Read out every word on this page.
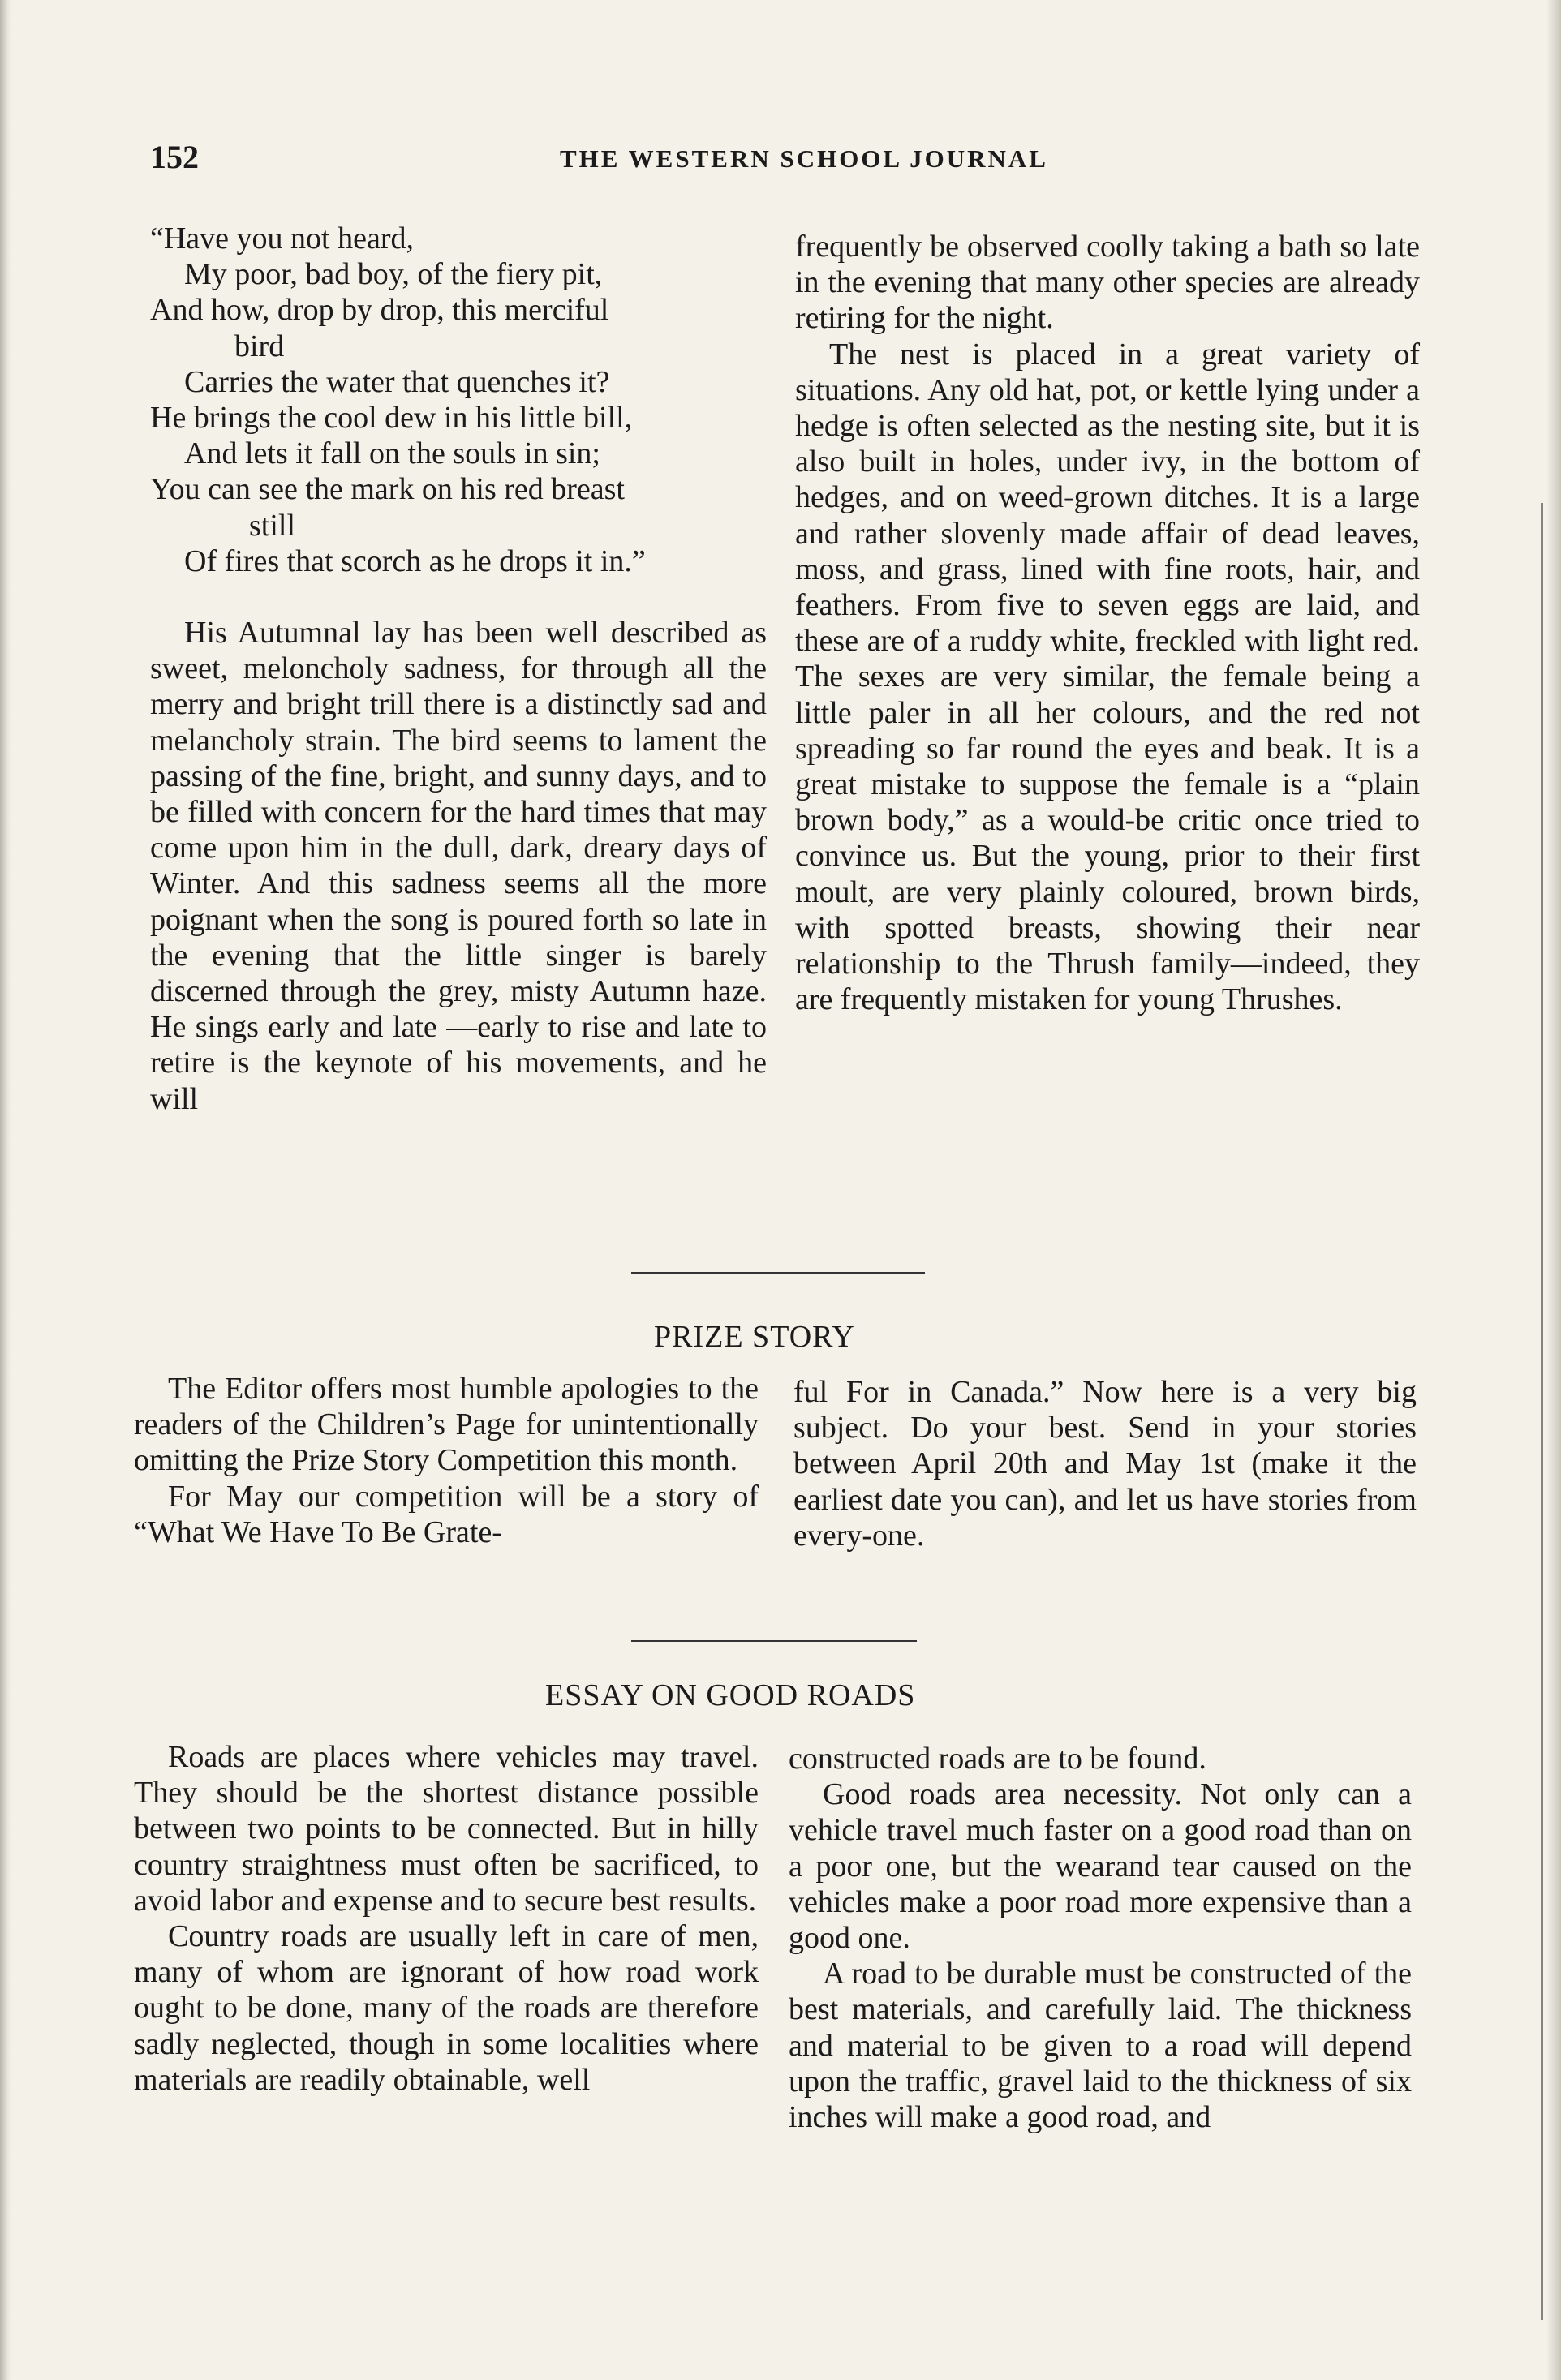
152	THE WESTERN SCHOOL JOURNAL
“Have you not heard,
My poor, bad boy, of the fiery pit,
And how, drop by drop, this merciful
bird
Carries the water that quenches it?
He brings the cool dew in his little bill,
And lets it fall on the souls in sin;
You can see the mark on his red breast
still
Of fires that scorch as he drops it in.”

His Autumnal lay has been well described as sweet, meloncholy sadness, for through all the merry and bright trill there is a distinctly sad and melancholy strain. The bird seems to lament the passing of the fine, bright, and sunny days, and to be filled with concern for the hard times that may come upon him in the dull, dark, dreary days of Winter. And this sadness seems all the more poignant when the song is poured forth so late in the evening that the little singer is barely discerned through the grey, misty Autumn haze. He sings early and late —early to rise and late to retire is the keynote of his movements, and he will

frequently be observed coolly taking a bath so late in the evening that many other species are already retiring for the night.

The nest is placed in a great variety of situations. Any old hat, pot, or kettle lying under a hedge is often selected as the nesting site, but it is also built in holes, under ivy, in the bottom of hedges, and on weed-grown ditches. It is a large and rather slovenly made affair of dead leaves, moss, and grass, lined with fine roots, hair, and feathers. From five to seven eggs are laid, and these are of a ruddy white, freckled with light red. The sexes are very similar, the female being a little paler in all her colours, and the red not spreading so far round the eyes and beak. It is a great mistake to suppose the female is a “plain brown body,” as a would-be critic once tried to convince us. But the young, prior to their first moult, are very plainly coloured, brown birds, with spotted breasts, showing their near relationship to the Thrush family—indeed, they are frequently mistaken for young Thrushes.

PRIZE STORY

The Editor offers most humble apologies to the readers of the Children’s Page for unintentionally omitting the Prize Story Competition this month.

For May our competition will be a story of “What We Have To Be Grate-

ful For in Canada.” Now here is a very big subject. Do your best. Send in your stories between April 20th and May 1st (make it the earliest date you can), and let us have stories from every-one.

ESSAY ON GOOD ROADS

Roads are places where vehicles may travel. They should be the shortest distance possible between two points to be connected. But in hilly country straightness must often be sacrificed, to avoid labor and expense and to secure best results.

Country roads are usually left in care of men, many of whom are ignorant of how road work ought to be done, many of the roads are therefore sadly neglected, though in some localities where materials are readily obtainable, well

constructed roads are to be found.

Good roads area necessity. Not only can a vehicle travel much faster on a good road than on a poor one, but the wearand tear caused on the vehicles make a poor road more expensive than a good one.

A road to be durable must be constructed of the best materials, and carefully laid. The thickness and material to be given to a road will depend upon the traffic, gravel laid to the thickness of six inches will make a good road, and
